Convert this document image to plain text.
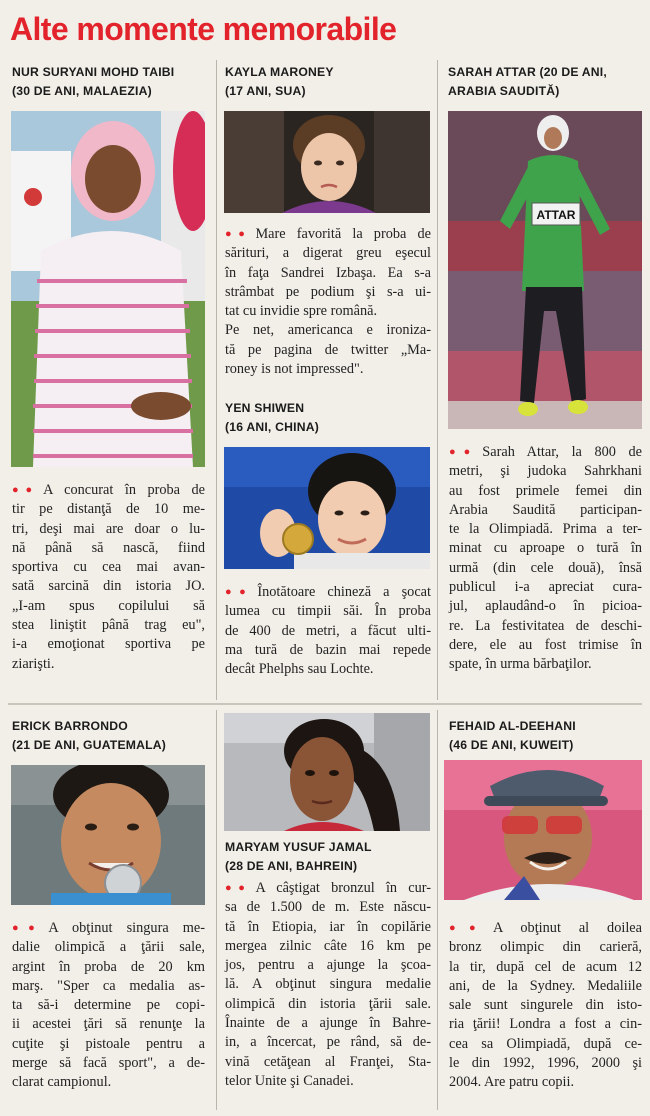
Alte momente memorabile
NUR SURYANI MOHD TAIBI
(30 DE ANI, MALAEZIA)
●● A concurat în proba de
tir pe distanţă de 10 me-
tri, deşi mai are doar o lu-
nă până să nască, fiind
sportiva cu cea mai avan-
sată sarcină din istoria JO.
„I-am spus copilului să
stea liniştit până trag eu",
i-a emoţionat sportiva pe
ziarişti.
KAYLA MARONEY
(17 ANI, SUA)
●● Mare favorită la proba de
sărituri, a digerat greu eşecul
în faţa Sandrei Izbaşa. Ea s-a
strâmbat pe podium şi s-a ui-
tat cu invidie spre română.
Pe net, americanca e ironiza-
tă pe pagina de twitter „Ma-
roney is not impressed".
YEN SHIWEN
(16 ANI, CHINA)
●● Înotătoare chineză a şocat
lumea cu timpii săi. În proba
de 400 de metri, a făcut ulti-
ma tură de bazin mai repede
decât Phelphs sau Lochte.
SARAH ATTAR (20 DE ANI,
ARABIA SAUDITĂ)
ATTAR
●● Sarah Attar, la 800 de
metri, şi judoka Sahrkhani
au fost primele femei din
Arabia Saudită participan-
te la Olimpiadă. Prima a ter-
minat cu aproape o tură în
urmă (din cele două), însă
publicul i-a apreciat cura-
jul, aplaudând-o în picioa-
re. La festivitatea de deschi-
dere, ele au fost trimise în
spate, în urma bărbaţilor.
ERICK BARRONDO
(21 DE ANI, GUATEMALA)
●● A obţinut singura me-
dalie olimpică a ţării sale,
argint în proba de 20 km
marş. "Sper ca medalia as-
ta să-i determine pe copi-
ii acestei ţări să renunţe la
cuţite şi pistoale pentru a
merge să facă sport", a de-
clarat campionul.
MARYAM YUSUF JAMAL
(28 DE ANI, BAHREIN)
●● A câştigat bronzul în cur-
sa de 1.500 de m. Este născu-
tă în Etiopia, iar în copilărie
mergea zilnic câte 16 km pe
jos, pentru a ajunge la şcoa-
lă. A obţinut singura medalie
olimpică din istoria ţării sale.
Înainte de a ajunge în Bahre-
in, a încercat, pe rând, să de-
vină cetăţean al Franţei, Sta-
telor Unite şi Canadei.
FEHAID AL-DEEHANI
(46 DE ANI, KUWEIT)
●● A obţinut al doilea
bronz olimpic din carieră,
la tir, după cel de acum 12
ani, de la Sydney. Medaliile
sale sunt singurele din isto-
ria ţării! Londra a fost a cin-
cea sa Olimpiadă, după ce-
le din 1992, 1996, 2000 şi
2004. Are patru copii.
